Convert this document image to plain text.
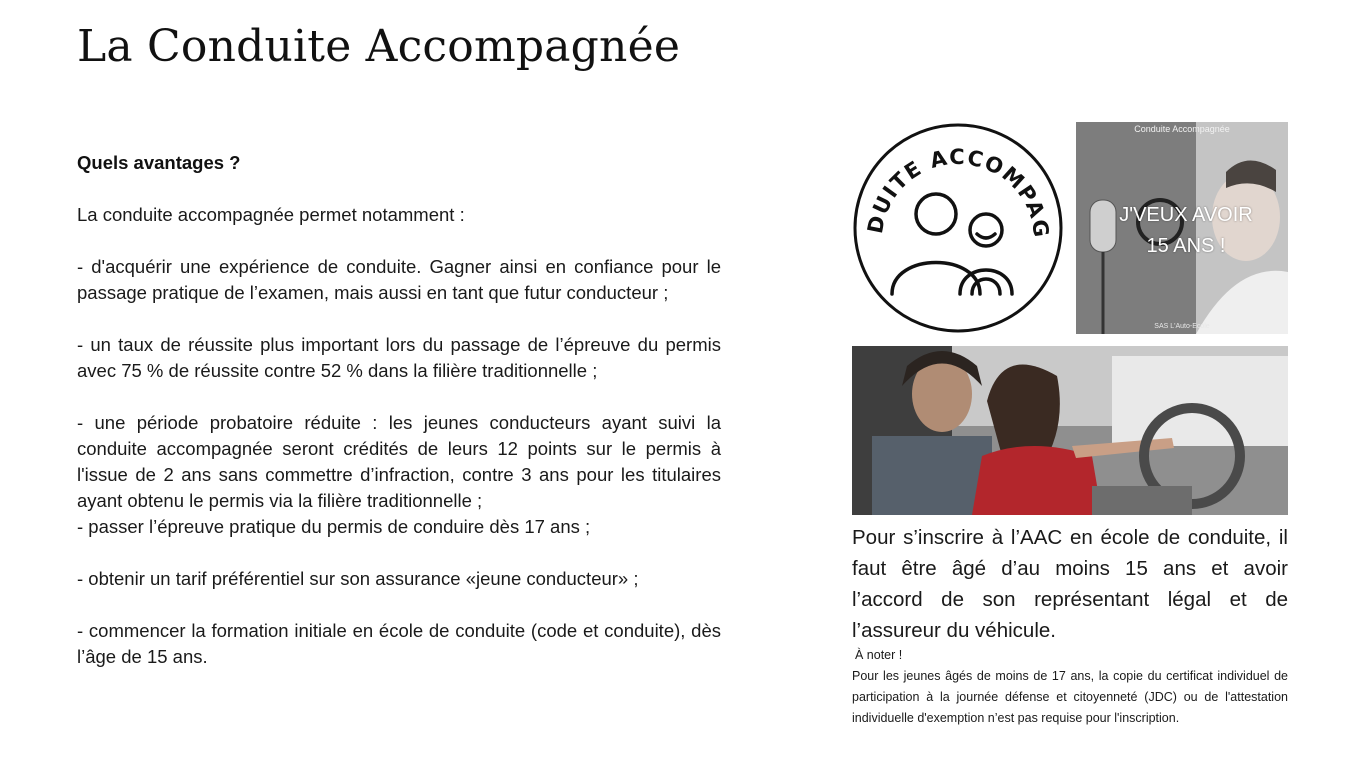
La Conduite Accompagnée

Quels avantages ?

La conduite accompagnée permet notamment :

- d'acquérir une expérience de conduite. Gagner ainsi en confiance pour le passage pratique de l’examen, mais aussi en tant que futur conducteur ;

- un taux de réussite plus important lors du passage de l’épreuve du permis avec 75 % de réussite contre 52 % dans la filière traditionnelle ;

- une période probatoire réduite : les jeunes conducteurs ayant suivi la conduite accompagnée seront crédités de leurs 12 points sur le permis à l'issue de 2 ans sans commettre d’infraction, contre 3 ans pour les titulaires ayant obtenu le permis via la filière traditionnelle ;

- passer l’épreuve pratique du permis de conduire dès 17 ans ;

- obtenir un tarif préférentiel sur son assurance «jeune conducteur» ;

- commencer la formation initiale en école de conduite (code et conduite), dès l’âge de 15 ans.

DUITE ACCOMPAG
Conduite Accompagnée
J'VEUX AVOIR
15 ANS !
SAS L'Auto-Ecole

Pour s’inscrire à l’AAC en école de conduite, il faut être âgé d’au moins 15 ans et avoir l’accord de son représentant légal et de l’assureur du véhicule.

À noter !

Pour les jeunes âgés de moins de 17 ans, la copie du certificat individuel de participation à la journée défense et citoyenneté (JDC) ou de l'attestation individuelle d'exemption n’est pas requise pour l'inscription.
